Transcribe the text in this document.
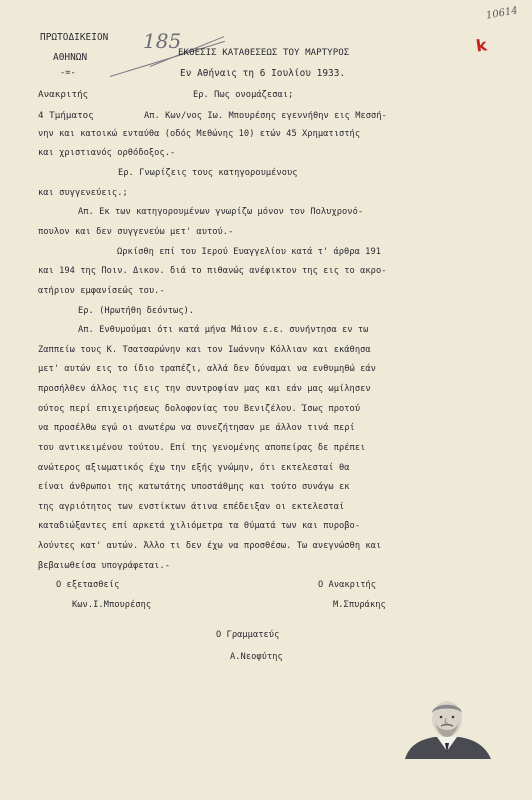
ΠΡΩΤΟΔΙΚΕΙΟΝ
ΑΘΗΝΩΝ
-=-
185
ΕΚΘΕΣΙΣ ΚΑΤΑΘΕΣΕΩΣ ΤΟΥ ΜΑΡΤΥΡΟΣ
Εν Αθήναις τη 6 Ιουλίου 1933.
Ανακριτής
4 Τμήματος
10614
k
Ερ. Πως ονομάζεσαι;
Απ. Κων/νος Ιω. Μπουρέσης εγεννήθην εις Μεσσή-
νην και κατοικώ ενταύθα (οδός Μεθώνης 10) ετών 45 Χρηματιστής
και χριστιανός ορθόδοξος.-
Ερ. Γνωρίζεις τους κατηγορουμένους
και συγγενεύεις.;
Απ. Εκ των κατηγορουμένων γνωρίζω μόνον τον Πολυχρονό-
πουλον και δεν συγγενεύω μετ' αυτού.-
Ωρκίσθη επί του Ιερού Ευαγγελίου κατά τ' άρθρα 191
και 194 της Ποιν. Δικον. διά το πιθανώς ανέφικτον της εις το ακρο-
ατήριον εμφανίσεώς του.-
Ερ. (Ηρωτήθη δεόντως).
Απ. Ενθυμούμαι ότι κατά μήνα Μάιον ε.ε. συνήντησα εν τω
Ζαππείω τους Κ. Τσατσαρώνην και τον Ιωάννην Κόλλιαν και εκάθησα
μετ' αυτών εις το ίδιο τραπέζι, αλλά δεν δύναμαι να ενθυμηθώ εάν
προσήλθεν άλλος τις εις την συντροφίαν μας και εάν μας ωμίλησεν
ούτος περί επιχειρήσεως δολοφονίας του Βενιζέλου. Ίσως προτού
να προσέλθω εγώ οι ανωτέρω να συνεζήτησαν με άλλον τινά περί
του αντικειμένου τούτου. Επί της γενομένης αποπείρας δε πρέπει
ανώτερος αξιωματικός έχω την εξής γνώμην, ότι εκτελεσταί θα
είναι άνθρωποι της κατωτάτης υποστάθμης και τούτο συνάγω εκ
της αγριότητος των ενστίκτων άτινα επέδειξαν οι εκτελεσταί
καταδιώξαντες επί αρκετά χιλιόμετρα τα θύματά των και πυροβο-
λούντες κατ' αυτών. Άλλο τι δεν έχω να προσθέσω. Τω ανεγνώσθη και
βεβαιωθείσα υπογράφεται.-
Ο εξετασθείς
Κων.Ι.Μπουρέσης
Ο Ανακριτής
Μ.Σπυράκης
Ο Γραμματεύς
Α.Νεοφύτης
